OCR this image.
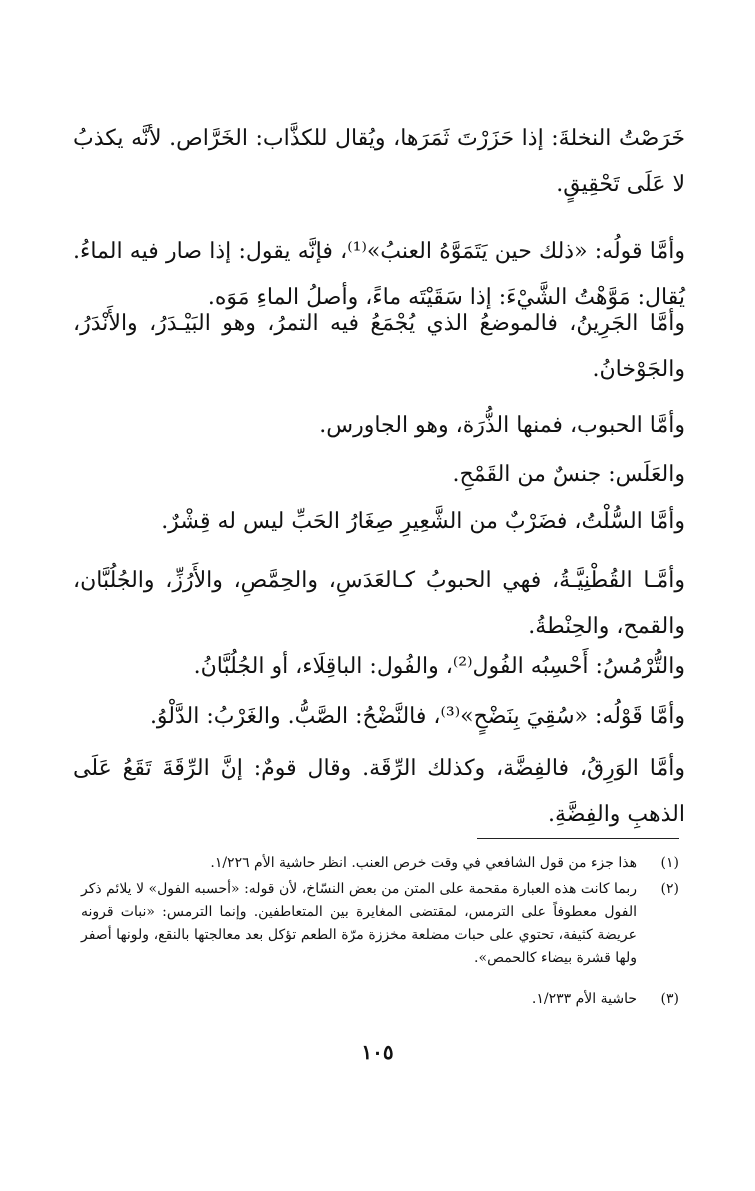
خَرَصْتُ النخلةَ: إذا حَزَرْتَ ثَمَرَها، ويُقال للكذَّاب: الخَرَّاص. لأنَّه يكذبُ لا عَلَى تَحْقِيقٍ.

وأمَّا قولُه: «ذلك حين يَتَمَوَّهُ العنبُ»⁽¹⁾، فإنَّه يقول: إذا صار فيه الماءُ. يُقال: مَوَّهْتُ الشَّيْءَ: إذا سَقَيْتَه ماءً، وأصلُ الماءِ مَوَه.

وأمَّا الجَرِينُ، فالموضعُ الذي يُجْمَعُ فيه التمرُ، وهو البَيْـدَرُ، والأَنْدَرُ، والجَوْخانُ.

وأمَّا الحبوب، فمنها الذُّرَة، وهو الجاورس.

والعَلَس: جنسٌ من القَمْحِ.

وأمَّا السُّلْتُ، فضَرْبٌ من الشَّعِيرِ صِغَارُ الحَبِّ ليس له قِشْرٌ.

وأمَّـا القُطْنِيَّـةُ، فهي الحبوبُ كـالعَدَسِ، والحِمَّصِ، والأَرُزِّ، والجُلُبَّان، والقمح، والحِنْطةُ.

والتُّرْمُسُ: أَحْسِبُه الفُول⁽²⁾، والفُول: الباقِلَاء، أو الجُلُبَّانُ.

وأمَّا قَوْلُه: «سُقِيَ بِنَضْحٍ»⁽³⁾، فالنَّضْحُ: الصَّبُّ. والغَرْبُ: الدَّلْوُ.

وأمَّا الوَرِقُ، فالفِضَّة، وكذلك الرِّقَة. وقال قومٌ: إنَّ الرِّقَةَ تَقَعُ عَلَى الذهبِ والفِضَّةِ.

(١)
هذا جزء من قول الشافعي في وقت خرص العنب. انظر حاشية الأم ١/٢٢٦.
(٢)
ربما كانت هذه العبارة مقحمة على المتن من بعض النسّاخ، لأن قوله: «أحسبه الفول» لا يلائم ذكر الفول معطوفاً على الترمس، لمقتضى المغايرة بين المتعاطفين. وإنما الترمس: «نبات قرونه عريضة كثيفة، تحتوي على حبات مضلعة مخززة مرّة الطعم تؤكل بعد معالجتها بالنقع، ولونها أصفر ولها قشرة بيضاء كالحمص».
(٣)
حاشية الأم ١/٢٣٣.
١٠٥
